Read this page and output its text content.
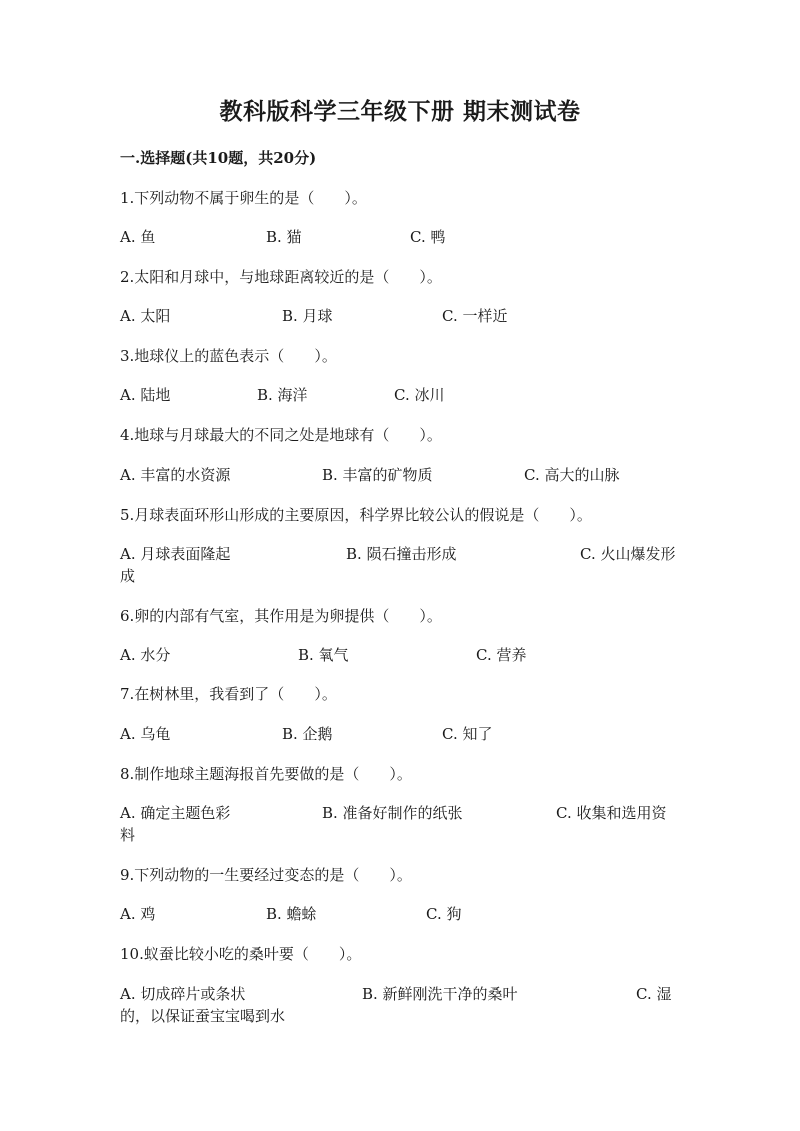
教科版科学三年级下册 期末测试卷
一.选择题(共10题，共20分)
1.下列动物不属于卵生的是（　　）。
A. 鱼	B. 猫	C. 鸭
2.太阳和月球中，与地球距离较近的是（　　）。
A. 太阳	B. 月球	C. 一样近
3.地球仪上的蓝色表示（　　）。
A. 陆地	B. 海洋	C. 冰川
4.地球与月球最大的不同之处是地球有（　　）。
A. 丰富的水资源	B. 丰富的矿物质	C. 高大的山脉
5.月球表面环形山形成的主要原因，科学界比较公认的假说是（　　）。
A. 月球表面隆起	B. 陨石撞击形成	C. 火山爆发形
成
6.卵的内部有气室，其作用是为卵提供（　　）。
A. 水分	B. 氧气	C. 营养
7.在树林里，我看到了（　　）。
A. 乌龟	B. 企鹅	C. 知了
8.制作地球主题海报首先要做的是（　　）。
A. 确定主题色彩	B. 准备好制作的纸张	C. 收集和选用资
料
9.下列动物的一生要经过变态的是（　　）。
A. 鸡	B. 蟾蜍	C. 狗
10.蚁蚕比较小吃的桑叶要（　　）。
A. 切成碎片或条状	B. 新鲜刚洗干净的桑叶	C. 湿
的，以保证蚕宝宝喝到水
